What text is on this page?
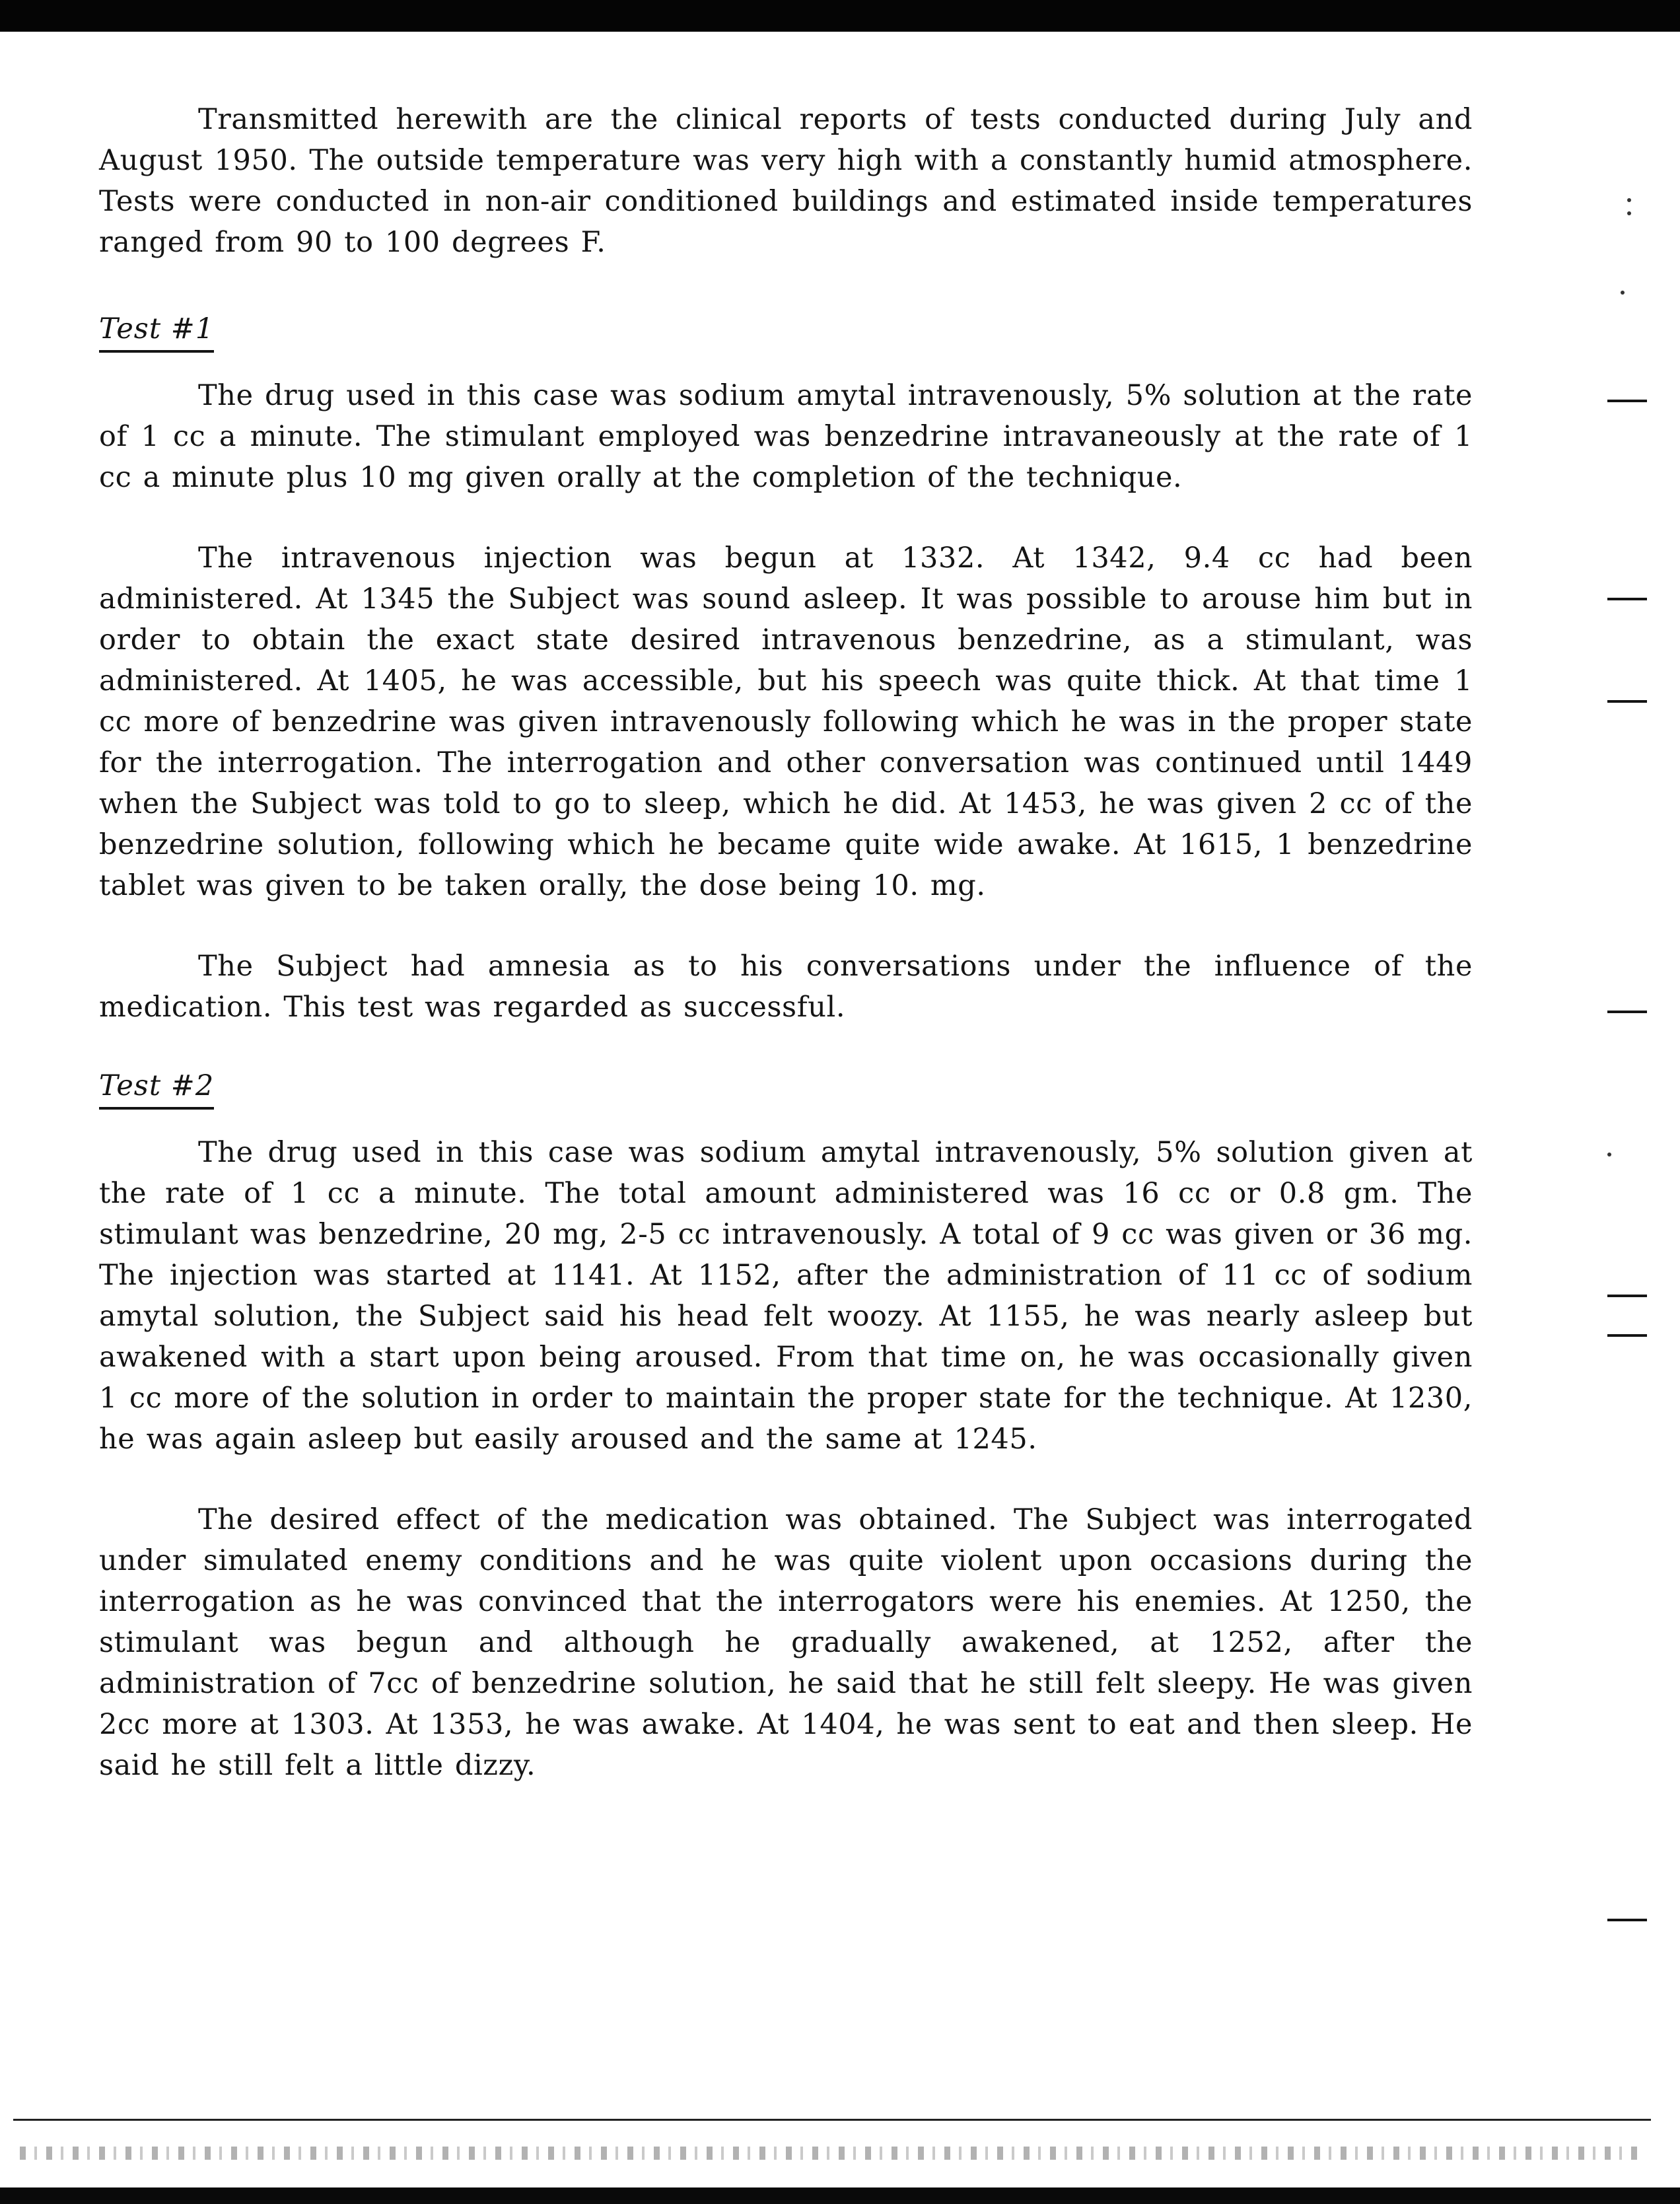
Transmitted herewith are the clinical reports of tests conducted during July and August 1950. The outside temperature was very high with a constantly humid atmosphere. Tests were conducted in non-air conditioned buildings and estimated inside temperatures ranged from 90 to 100 degrees F.

Test #1

The drug used in this case was sodium amytal intravenously, 5% solution at the rate of 1 cc a minute. The stimulant employed was benzedrine intravaneously at the rate of 1 cc a minute plus 10 mg given orally at the completion of the technique.

The intravenous injection was begun at 1332. At 1342, 9.4 cc had been administered. At 1345 the Subject was sound asleep. It was possible to arouse him but in order to obtain the exact state desired intravenous benzedrine, as a stimulant, was administered. At 1405, he was accessible, but his speech was quite thick. At that time 1 cc more of benzedrine was given intravenously following which he was in the proper state for the interrogation. The interrogation and other conversation was continued until 1449 when the Subject was told to go to sleep, which he did. At 1453, he was given 2 cc of the benzedrine solution, following which he became quite wide awake. At 1615, 1 benzedrine tablet was given to be taken orally, the dose being 10. mg.

The Subject had amnesia as to his conversations under the influence of the medication. This test was regarded as successful.

Test #2

The drug used in this case was sodium amytal intravenously, 5% solution given at the rate of 1 cc a minute. The total amount administered was 16 cc or 0.8 gm. The stimulant was benzedrine, 20 mg, 2-5 cc intravenously. A total of 9 cc was given or 36 mg. The injection was started at 1141. At 1152, after the administration of 11 cc of sodium amytal solution, the Subject said his head felt woozy. At 1155, he was nearly asleep but awakened with a start upon being aroused. From that time on, he was occasionally given 1 cc more of the solution in order to maintain the proper state for the technique. At 1230, he was again asleep but easily aroused and the same at 1245.

The desired effect of the medication was obtained. The Subject was interrogated under simulated enemy conditions and he was quite violent upon occasions during the interrogation as he was convinced that the interrogators were his enemies. At 1250, the stimulant was begun and although he gradually awakened, at 1252, after the administration of 7cc of benzedrine solution, he said that he still felt sleepy. He was given 2cc more at 1303. At 1353, he was awake. At 1404, he was sent to eat and then sleep. He said he still felt a little dizzy.
